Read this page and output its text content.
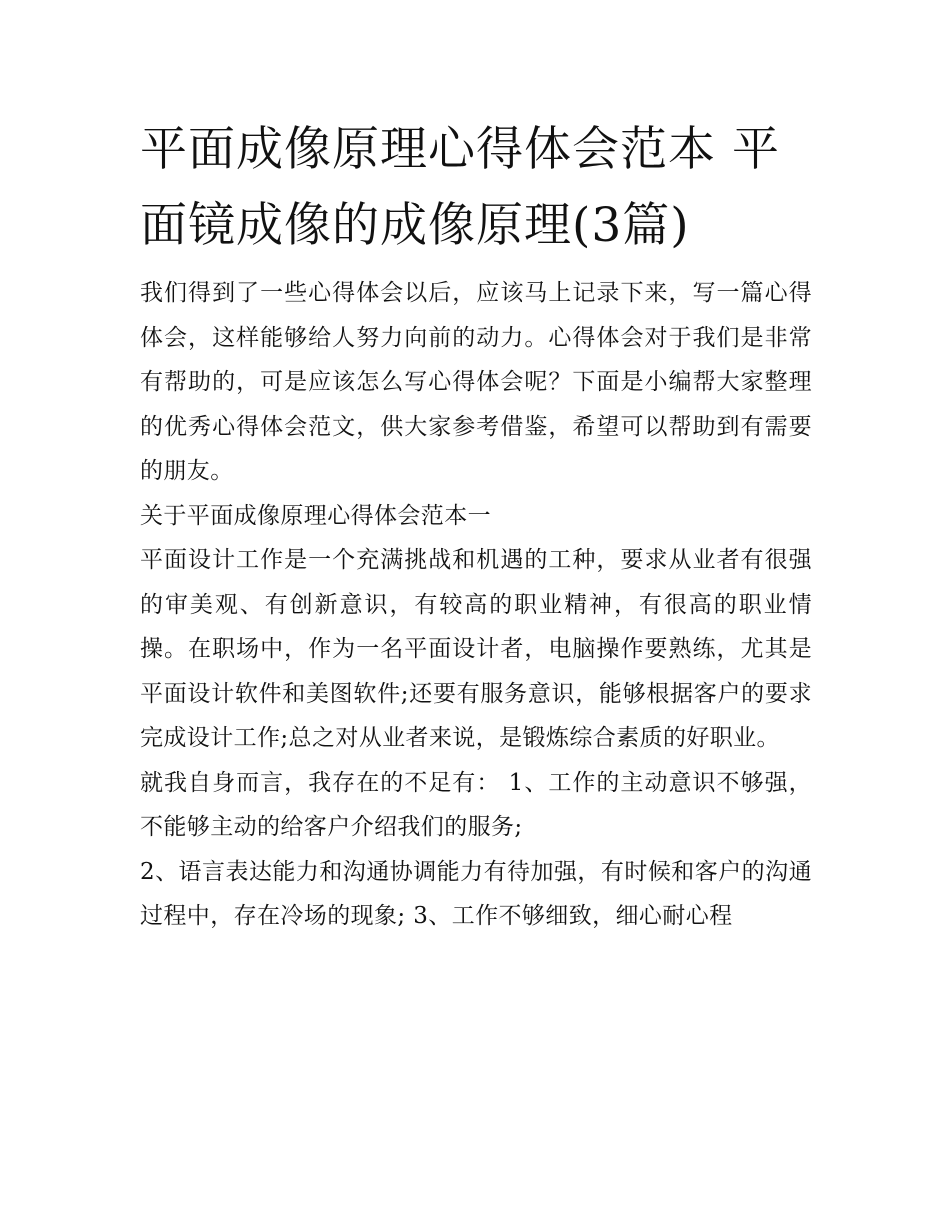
平面成像原理心得体会范本 平面镜成像的成像原理(3篇)

我们得到了一些心得体会以后，应该马上记录下来，写一篇心得体会，这样能够给人努力向前的动力。心得体会对于我们是非常有帮助的，可是应该怎么写心得体会呢？下面是小编帮大家整理的优秀心得体会范文，供大家参考借鉴，希望可以帮助到有需要的朋友。

关于平面成像原理心得体会范本一

平面设计工作是一个充满挑战和机遇的工种，要求从业者有很强的审美观、有创新意识，有较高的职业精神，有很高的职业情操。在职场中，作为一名平面设计者，电脑操作要熟练，尤其是平面设计软件和美图软件;还要有服务意识，能够根据客户的要求完成设计工作;总之对从业者来说，是锻炼综合素质的好职业。

就我自身而言，我存在的不足有： 1、工作的主动意识不够强，不能够主动的给客户介绍我们的服务;

2、语言表达能力和沟通协调能力有待加强，有时候和客户的沟通过程中，存在冷场的现象; 3、工作不够细致，细心耐心程
